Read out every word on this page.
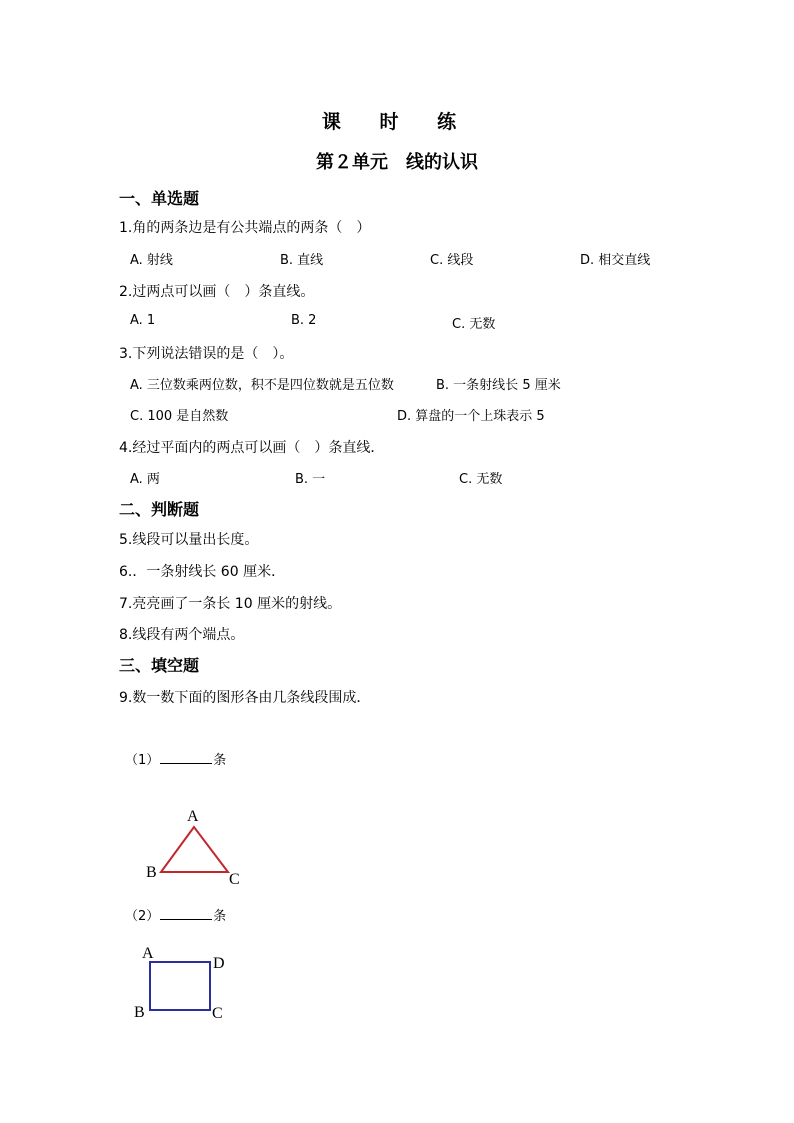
课 时 练
第２单元　线的认识
一、单选题
1.角的两条边是有公共端点的两条（　）
A. 射线	B. 直线	C. 线段	D. 相交直线
2.过两点可以画（　）条直线。
A. 1	B. 2	C. 无数
3.下列说法错误的是（　）。
A. 三位数乘两位数，积不是四位数就是五位数	B. 一条射线长 5 厘米
C. 100 是自然数	D. 算盘的一个上珠表示 5
4.经过平面内的两点可以画（　）条直线．
A. 两	B. 一	C. 无数
二、判断题
5.线段可以量出长度。
6.．一条射线长 60 厘米．
7.亮亮画了一条长 10 厘米的射线。
8.线段有两个端点。
三、填空题
9.数一数下面的图形各由几条线段围成．
（1）	条
A
B	C
（2）	条
A
D
B	C
